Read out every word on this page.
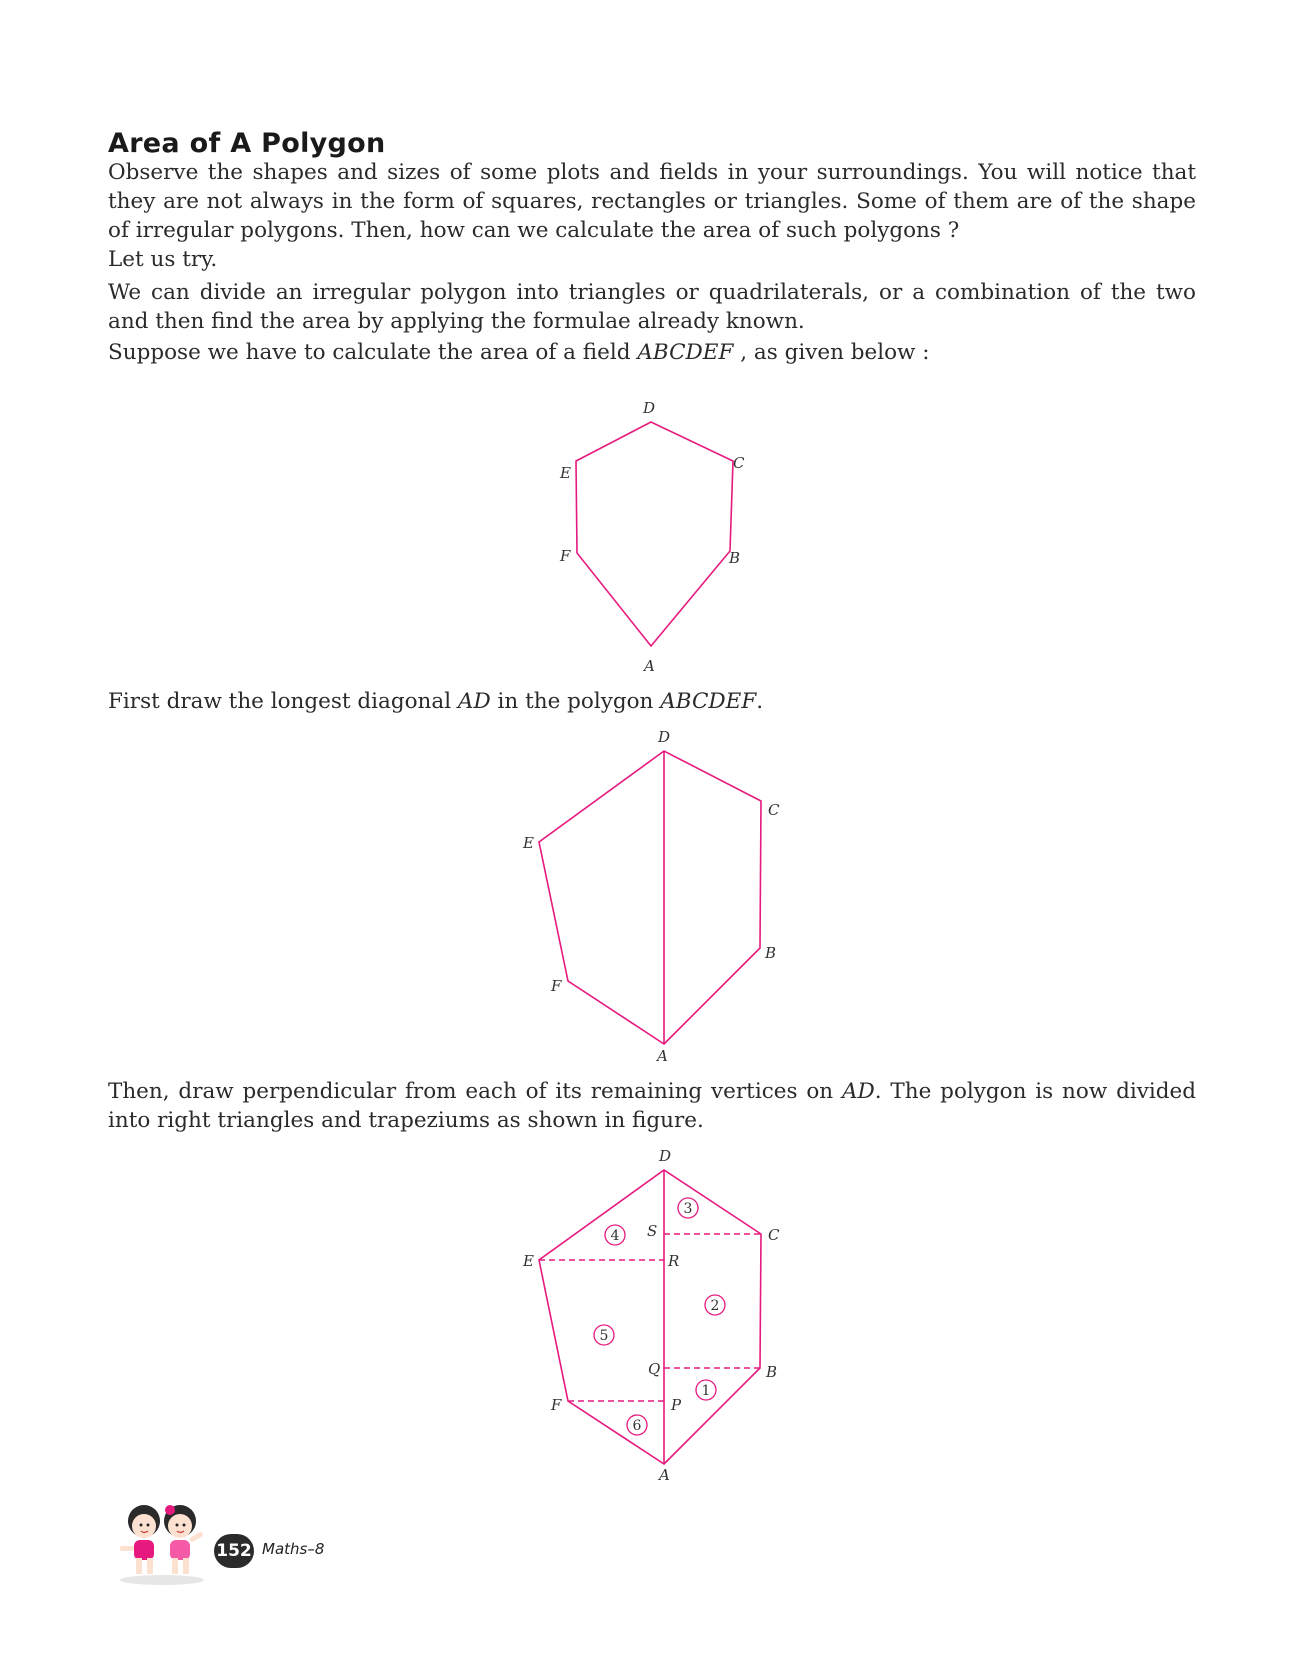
Area of A Polygon

Observe the shapes and sizes of some plots and fields in your surroundings. You will notice that they are not always in the form of squares, rectangles or triangles. Some of them are of the shape of irregular polygons. Then, how can we calculate the area of such polygons ?

Let us try.

We can divide an irregular polygon into triangles or quadrilaterals, or a combination of the two and then find the area by applying the formulae already known.

Suppose we have to calculate the area of a field ABCDEF , as given below :

D
C
E
F	B
A

First draw the longest diagonal AD in the polygon ABCDEF.

D
C
E
B
F
A

Then, draw perpendicular from each of its remaining vertices on AD. The polygon is now divided into right triangles and trapeziums as shown in figure.

D
C
S
E	R
Q	B
F	P
A
3
4
2
5
1
6
152 Maths–8
